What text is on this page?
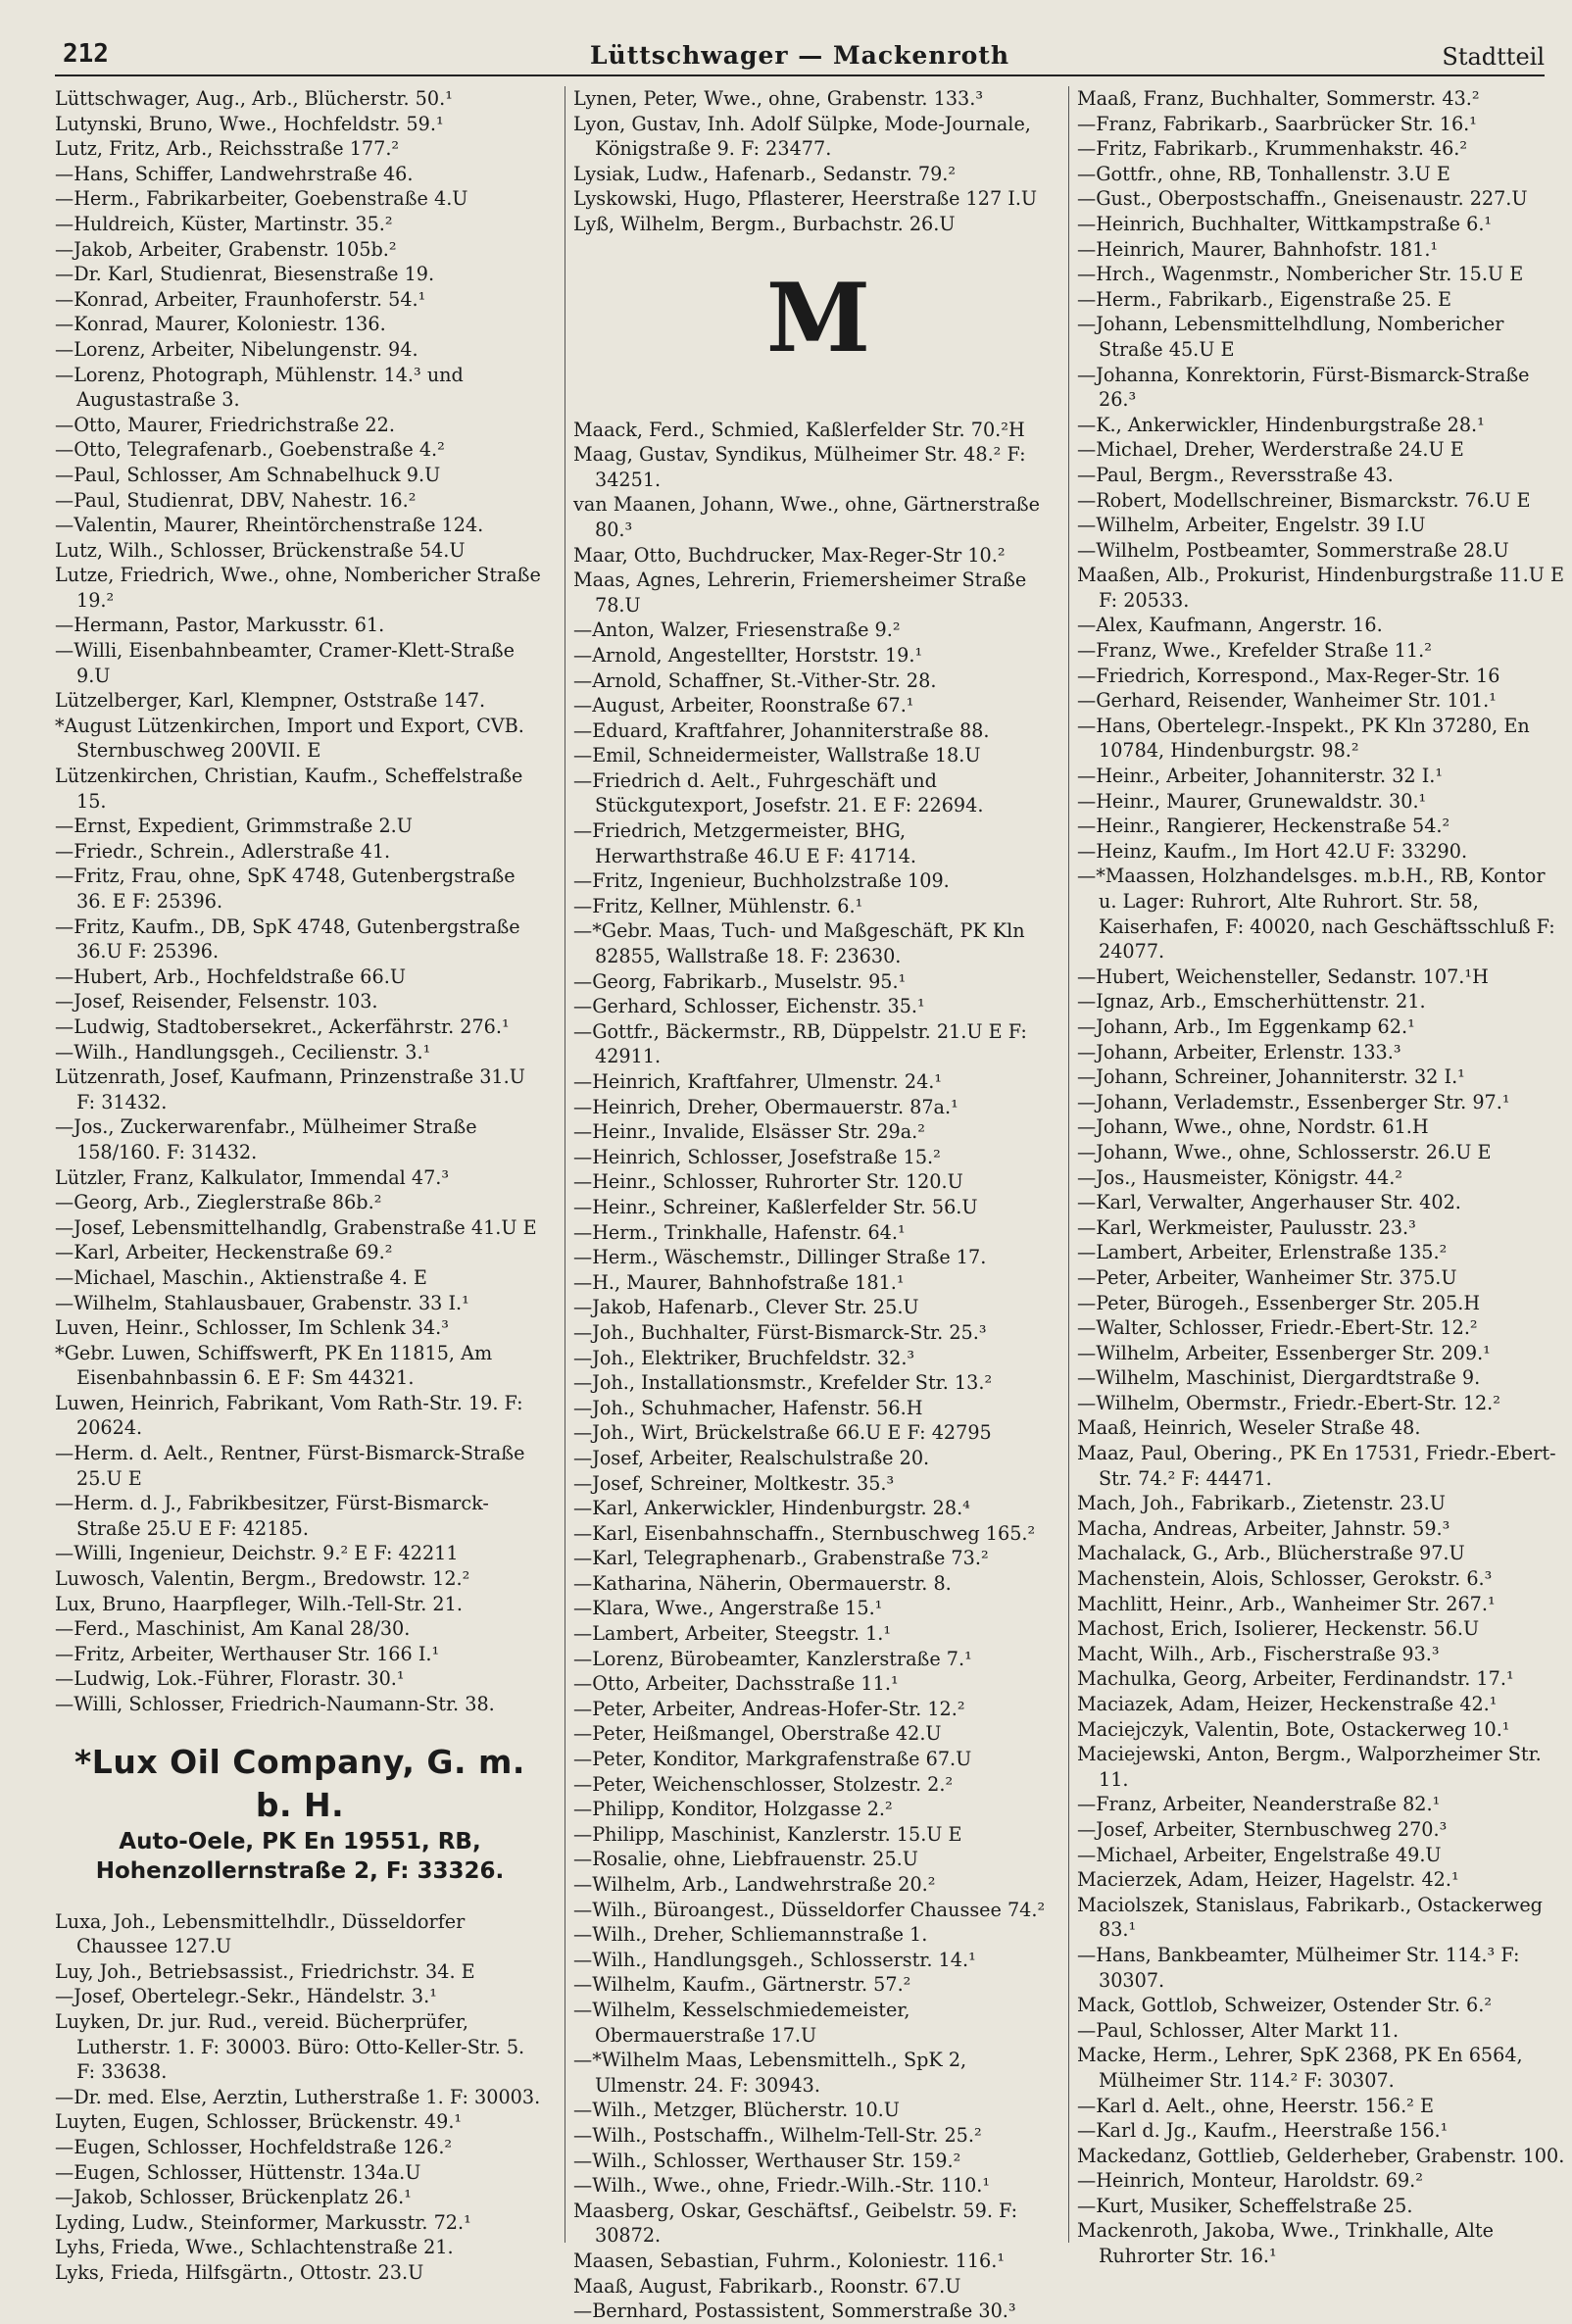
212	Lüttschwager — Mackenroth	Stadtteil

Lüttschwager, Aug., Arb., Blücherstr. 50.¹

Lutynski, Bruno, Wwe., Hochfeldstr. 59.¹

Lutz, Fritz, Arb., Reichsstraße 177.²

—Hans, Schiffer, Landwehrstraße 46.

—Herm., Fabrikarbeiter, Goebenstraße 4.U

—Huldreich, Küster, Martinstr. 35.²

—Jakob, Arbeiter, Grabenstr. 105b.²

—Dr. Karl, Studienrat, Biesenstraße 19.

—Konrad, Arbeiter, Fraunhoferstr. 54.¹

—Konrad, Maurer, Koloniestr. 136.

—Lorenz, Arbeiter, Nibelungenstr. 94.

—Lorenz, Photograph, Mühlenstr. 14.³ und Augustastraße 3.

—Otto, Maurer, Friedrichstraße 22.

—Otto, Telegrafenarb., Goebenstraße 4.²

—Paul, Schlosser, Am Schnabelhuck 9.U

—Paul, Studienrat, DBV, Nahestr. 16.²

—Valentin, Maurer, Rheintörchenstraße 124.

Lutz, Wilh., Schlosser, Brückenstraße 54.U

Lutze, Friedrich, Wwe., ohne, Nombericher Straße 19.²

—Hermann, Pastor, Markusstr. 61.

—Willi, Eisenbahnbeamter, Cramer-Klett-Straße 9.U

Lützelberger, Karl, Klempner, Oststraße 147.

*August Lützenkirchen, Import und Export, CVB. Sternbuschweg 200VII. E

Lützenkirchen, Christian, Kaufm., Scheffelstraße 15.

—Ernst, Expedient, Grimmstraße 2.U

—Friedr., Schrein., Adlerstraße 41.

—Fritz, Frau, ohne, SpK 4748, Gutenbergstraße 36. E F: 25396.

—Fritz, Kaufm., DB, SpK 4748, Gutenbergstraße 36.U F: 25396.

—Hubert, Arb., Hochfeldstraße 66.U

—Josef, Reisender, Felsenstr. 103.

—Ludwig, Stadtobersekret., Ackerfährstr. 276.¹

—Wilh., Handlungsgeh., Cecilienstr. 3.¹

Lützenrath, Josef, Kaufmann, Prinzenstraße 31.U F: 31432.

—Jos., Zuckerwarenfabr., Mülheimer Straße 158/160. F: 31432.

Lützler, Franz, Kalkulator, Immendal 47.³

—Georg, Arb., Zieglerstraße 86b.²

—Josef, Lebensmittelhandlg, Grabenstraße 41.U E

—Karl, Arbeiter, Heckenstraße 69.²

—Michael, Maschin., Aktienstraße 4. E

—Wilhelm, Stahlausbauer, Grabenstr. 33 I.¹

Luven, Heinr., Schlosser, Im Schlenk 34.³

*Gebr. Luwen, Schiffswerft, PK En 11815, Am Eisenbahnbassin 6. E F: Sm 44321.

Luwen, Heinrich, Fabrikant, Vom Rath-Str. 19. F: 20624.

—Herm. d. Aelt., Rentner, Fürst-Bismarck-Straße 25.U E

—Herm. d. J., Fabrikbesitzer, Fürst-Bismarck-Straße 25.U E F: 42185.

—Willi, Ingenieur, Deichstr. 9.² E F: 42211

Luwosch, Valentin, Bergm., Bredowstr. 12.²

Lux, Bruno, Haarpfleger, Wilh.-Tell-Str. 21.

—Ferd., Maschinist, Am Kanal 28/30.

—Fritz, Arbeiter, Werthauser Str. 166 I.¹

—Ludwig, Lok.-Führer, Florastr. 30.¹

—Willi, Schlosser, Friedrich-Naumann-Str. 38.

*Lux Oil Company, G. m. b. H.
Auto-Oele, PK En 19551, RB,
Hohenzollernstraße 2, F: 33326.

Luxa, Joh., Lebensmittelhdlr., Düsseldorfer Chaussee 127.U

Luy, Joh., Betriebsassist., Friedrichstr. 34. E

—Josef, Obertelegr.-Sekr., Händelstr. 3.¹

Luyken, Dr. jur. Rud., vereid. Bücherprüfer, Lutherstr. 1. F: 30003. Büro: Otto-Keller-Str. 5. F: 33638.

—Dr. med. Else, Aerztin, Lutherstraße 1. F: 30003.

Luyten, Eugen, Schlosser, Brückenstr. 49.¹

—Eugen, Schlosser, Hochfeldstraße 126.²

—Eugen, Schlosser, Hüttenstr. 134a.U

—Jakob, Schlosser, Brückenplatz 26.¹

Lyding, Ludw., Steinformer, Markusstr. 72.¹

Lyhs, Frieda, Wwe., Schlachtenstraße 21.

Lyks, Frieda, Hilfsgärtn., Ottostr. 23.U

Lynen, Peter, Wwe., ohne, Grabenstr. 133.³

Lyon, Gustav, Inh. Adolf Sülpke, Mode-Journale, Königstraße 9. F: 23477.

Lysiak, Ludw., Hafenarb., Sedanstr. 79.²

Lyskowski, Hugo, Pflasterer, Heerstraße 127 I.U

Lyß, Wilhelm, Bergm., Burbachstr. 26.U

M

Maack, Ferd., Schmied, Kaßlerfelder Str. 70.²H

Maag, Gustav, Syndikus, Mülheimer Str. 48.² F: 34251.

van Maanen, Johann, Wwe., ohne, Gärtnerstraße 80.³

Maar, Otto, Buchdrucker, Max-Reger-Str 10.²

Maas, Agnes, Lehrerin, Friemersheimer Straße 78.U

—Anton, Walzer, Friesenstraße 9.²

—Arnold, Angestellter, Horststr. 19.¹

—Arnold, Schaffner, St.-Vither-Str. 28.

—August, Arbeiter, Roonstraße 67.¹

—Eduard, Kraftfahrer, Johanniterstraße 88.

—Emil, Schneidermeister, Wallstraße 18.U

—Friedrich d. Aelt., Fuhrgeschäft und Stückgutexport, Josefstr. 21. E F: 22694.

—Friedrich, Metzgermeister, BHG, Herwarthstraße 46.U E F: 41714.

—Fritz, Ingenieur, Buchholzstraße 109.

—Fritz, Kellner, Mühlenstr. 6.¹

—*Gebr. Maas, Tuch- und Maßgeschäft, PK Kln 82855, Wallstraße 18. F: 23630.

—Georg, Fabrikarb., Muselstr. 95.¹

—Gerhard, Schlosser, Eichenstr. 35.¹

—Gottfr., Bäckermstr., RB, Düppelstr. 21.U E F: 42911.

—Heinrich, Kraftfahrer, Ulmenstr. 24.¹

—Heinrich, Dreher, Obermauerstr. 87a.¹

—Heinr., Invalide, Elsässer Str. 29a.²

—Heinrich, Schlosser, Josefstraße 15.²

—Heinr., Schlosser, Ruhrorter Str. 120.U

—Heinr., Schreiner, Kaßlerfelder Str. 56.U

—Herm., Trinkhalle, Hafenstr. 64.¹

—Herm., Wäschemstr., Dillinger Straße 17.

—H., Maurer, Bahnhofstraße 181.¹

—Jakob, Hafenarb., Clever Str. 25.U

—Joh., Buchhalter, Fürst-Bismarck-Str. 25.³

—Joh., Elektriker, Bruchfeldstr. 32.³

—Joh., Installationsmstr., Krefelder Str. 13.²

—Joh., Schuhmacher, Hafenstr. 56.H

—Joh., Wirt, Brückelstraße 66.U E F: 42795

—Josef, Arbeiter, Realschulstraße 20.

—Josef, Schreiner, Moltkestr. 35.³

—Karl, Ankerwickler, Hindenburgstr. 28.⁴

—Karl, Eisenbahnschaffn., Sternbuschweg 165.²

—Karl, Telegraphenarb., Grabenstraße 73.²

—Katharina, Näherin, Obermauerstr. 8.

—Klara, Wwe., Angerstraße 15.¹

—Lambert, Arbeiter, Steegstr. 1.¹

—Lorenz, Bürobeamter, Kanzlerstraße 7.¹

—Otto, Arbeiter, Dachsstraße 11.¹

—Peter, Arbeiter, Andreas-Hofer-Str. 12.²

—Peter, Heißmangel, Oberstraße 42.U

—Peter, Konditor, Markgrafenstraße 67.U

—Peter, Weichenschlosser, Stolzestr. 2.²

—Philipp, Konditor, Holzgasse 2.²

—Philipp, Maschinist, Kanzlerstr. 15.U E

—Rosalie, ohne, Liebfrauenstr. 25.U

—Wilhelm, Arb., Landwehrstraße 20.²

—Wilh., Büroangest., Düsseldorfer Chaussee 74.²

—Wilh., Dreher, Schliemannstraße 1.

—Wilh., Handlungsgeh., Schlosserstr. 14.¹

—Wilhelm, Kaufm., Gärtnerstr. 57.²

—Wilhelm, Kesselschmiedemeister, Obermauerstraße 17.U

—*Wilhelm Maas, Lebensmittelh., SpK 2, Ulmenstr. 24. F: 30943.

—Wilh., Metzger, Blücherstr. 10.U

—Wilh., Postschaffn., Wilhelm-Tell-Str. 25.²

—Wilh., Schlosser, Werthauser Str. 159.²

—Wilh., Wwe., ohne, Friedr.-Wilh.-Str. 110.¹

Maasberg, Oskar, Geschäftsf., Geibelstr. 59. F: 30872.

Maasen, Sebastian, Fuhrm., Koloniestr. 116.¹

Maaß, August, Fabrikarb., Roonstr. 67.U

—Bernhard, Postassistent, Sommerstraße 30.³

Maaß, Franz, Buchhalter, Sommerstr. 43.²

—Franz, Fabrikarb., Saarbrücker Str. 16.¹

—Fritz, Fabrikarb., Krummenhakstr. 46.²

—Gottfr., ohne, RB, Tonhallenstr. 3.U E

—Gust., Oberpostschaffn., Gneisenaustr. 227.U

—Heinrich, Buchhalter, Wittkampstraße 6.¹

—Heinrich, Maurer, Bahnhofstr. 181.¹

—Hrch., Wagenmstr., Nombericher Str. 15.U E

—Herm., Fabrikarb., Eigenstraße 25. E

—Johann, Lebensmittelhdlung, Nombericher Straße 45.U E

—Johanna, Konrektorin, Fürst-Bismarck-Straße 26.³

—K., Ankerwickler, Hindenburgstraße 28.¹

—Michael, Dreher, Werderstraße 24.U E

—Paul, Bergm., Reversstraße 43.

—Robert, Modellschreiner, Bismarckstr. 76.U E

—Wilhelm, Arbeiter, Engelstr. 39 I.U

—Wilhelm, Postbeamter, Sommerstraße 28.U

Maaßen, Alb., Prokurist, Hindenburgstraße 11.U E F: 20533.

—Alex, Kaufmann, Angerstr. 16.

—Franz, Wwe., Krefelder Straße 11.²

—Friedrich, Korrespond., Max-Reger-Str. 16

—Gerhard, Reisender, Wanheimer Str. 101.¹

—Hans, Obertelegr.-Inspekt., PK Kln 37280, En 10784, Hindenburgstr. 98.²

—Heinr., Arbeiter, Johanniterstr. 32 I.¹

—Heinr., Maurer, Grunewaldstr. 30.¹

—Heinr., Rangierer, Heckenstraße 54.²

—Heinz, Kaufm., Im Hort 42.U F: 33290.

—*Maassen, Holzhandelsges. m.b.H., RB, Kontor u. Lager: Ruhrort, Alte Ruhrort. Str. 58, Kaiserhafen, F: 40020, nach Geschäftsschluß F: 24077.

—Hubert, Weichensteller, Sedanstr. 107.¹H

—Ignaz, Arb., Emscherhüttenstr. 21.

—Johann, Arb., Im Eggenkamp 62.¹

—Johann, Arbeiter, Erlenstr. 133.³

—Johann, Schreiner, Johanniterstr. 32 I.¹

—Johann, Verlademstr., Essenberger Str. 97.¹

—Johann, Wwe., ohne, Nordstr. 61.H

—Johann, Wwe., ohne, Schlosserstr. 26.U E

—Jos., Hausmeister, Königstr. 44.²

—Karl, Verwalter, Angerhauser Str. 402.

—Karl, Werkmeister, Paulusstr. 23.³

—Lambert, Arbeiter, Erlenstraße 135.²

—Peter, Arbeiter, Wanheimer Str. 375.U

—Peter, Bürogeh., Essenberger Str. 205.H

—Walter, Schlosser, Friedr.-Ebert-Str. 12.²

—Wilhelm, Arbeiter, Essenberger Str. 209.¹

—Wilhelm, Maschinist, Diergardtstraße 9.

—Wilhelm, Obermstr., Friedr.-Ebert-Str. 12.²

Maaß, Heinrich, Weseler Straße 48.

Maaz, Paul, Obering., PK En 17531, Friedr.-Ebert-Str. 74.² F: 44471.

Mach, Joh., Fabrikarb., Zietenstr. 23.U

Macha, Andreas, Arbeiter, Jahnstr. 59.³

Machalack, G., Arb., Blücherstraße 97.U

Machenstein, Alois, Schlosser, Gerokstr. 6.³

Machlitt, Heinr., Arb., Wanheimer Str. 267.¹

Machost, Erich, Isolierer, Heckenstr. 56.U

Macht, Wilh., Arb., Fischerstraße 93.³

Machulka, Georg, Arbeiter, Ferdinandstr. 17.¹

Maciazek, Adam, Heizer, Heckenstraße 42.¹

Maciejczyk, Valentin, Bote, Ostackerweg 10.¹

Maciejewski, Anton, Bergm., Walporzheimer Str. 11.

—Franz, Arbeiter, Neanderstraße 82.¹

—Josef, Arbeiter, Sternbuschweg 270.³

—Michael, Arbeiter, Engelstraße 49.U

Macierzek, Adam, Heizer, Hagelstr. 42.¹

Maciolszek, Stanislaus, Fabrikarb., Ostackerweg 83.¹

—Hans, Bankbeamter, Mülheimer Str. 114.³ F: 30307.

Mack, Gottlob, Schweizer, Ostender Str. 6.²

—Paul, Schlosser, Alter Markt 11.

Macke, Herm., Lehrer, SpK 2368, PK En 6564, Mülheimer Str. 114.² F: 30307.

—Karl d. Aelt., ohne, Heerstr. 156.² E

—Karl d. Jg., Kaufm., Heerstraße 156.¹

Mackedanz, Gottlieb, Gelderheber, Grabenstr. 100.

—Heinrich, Monteur, Haroldstr. 69.²

—Kurt, Musiker, Scheffelstraße 25.

Mackenroth, Jakoba, Wwe., Trinkhalle, Alte Ruhrorter Str. 16.¹
